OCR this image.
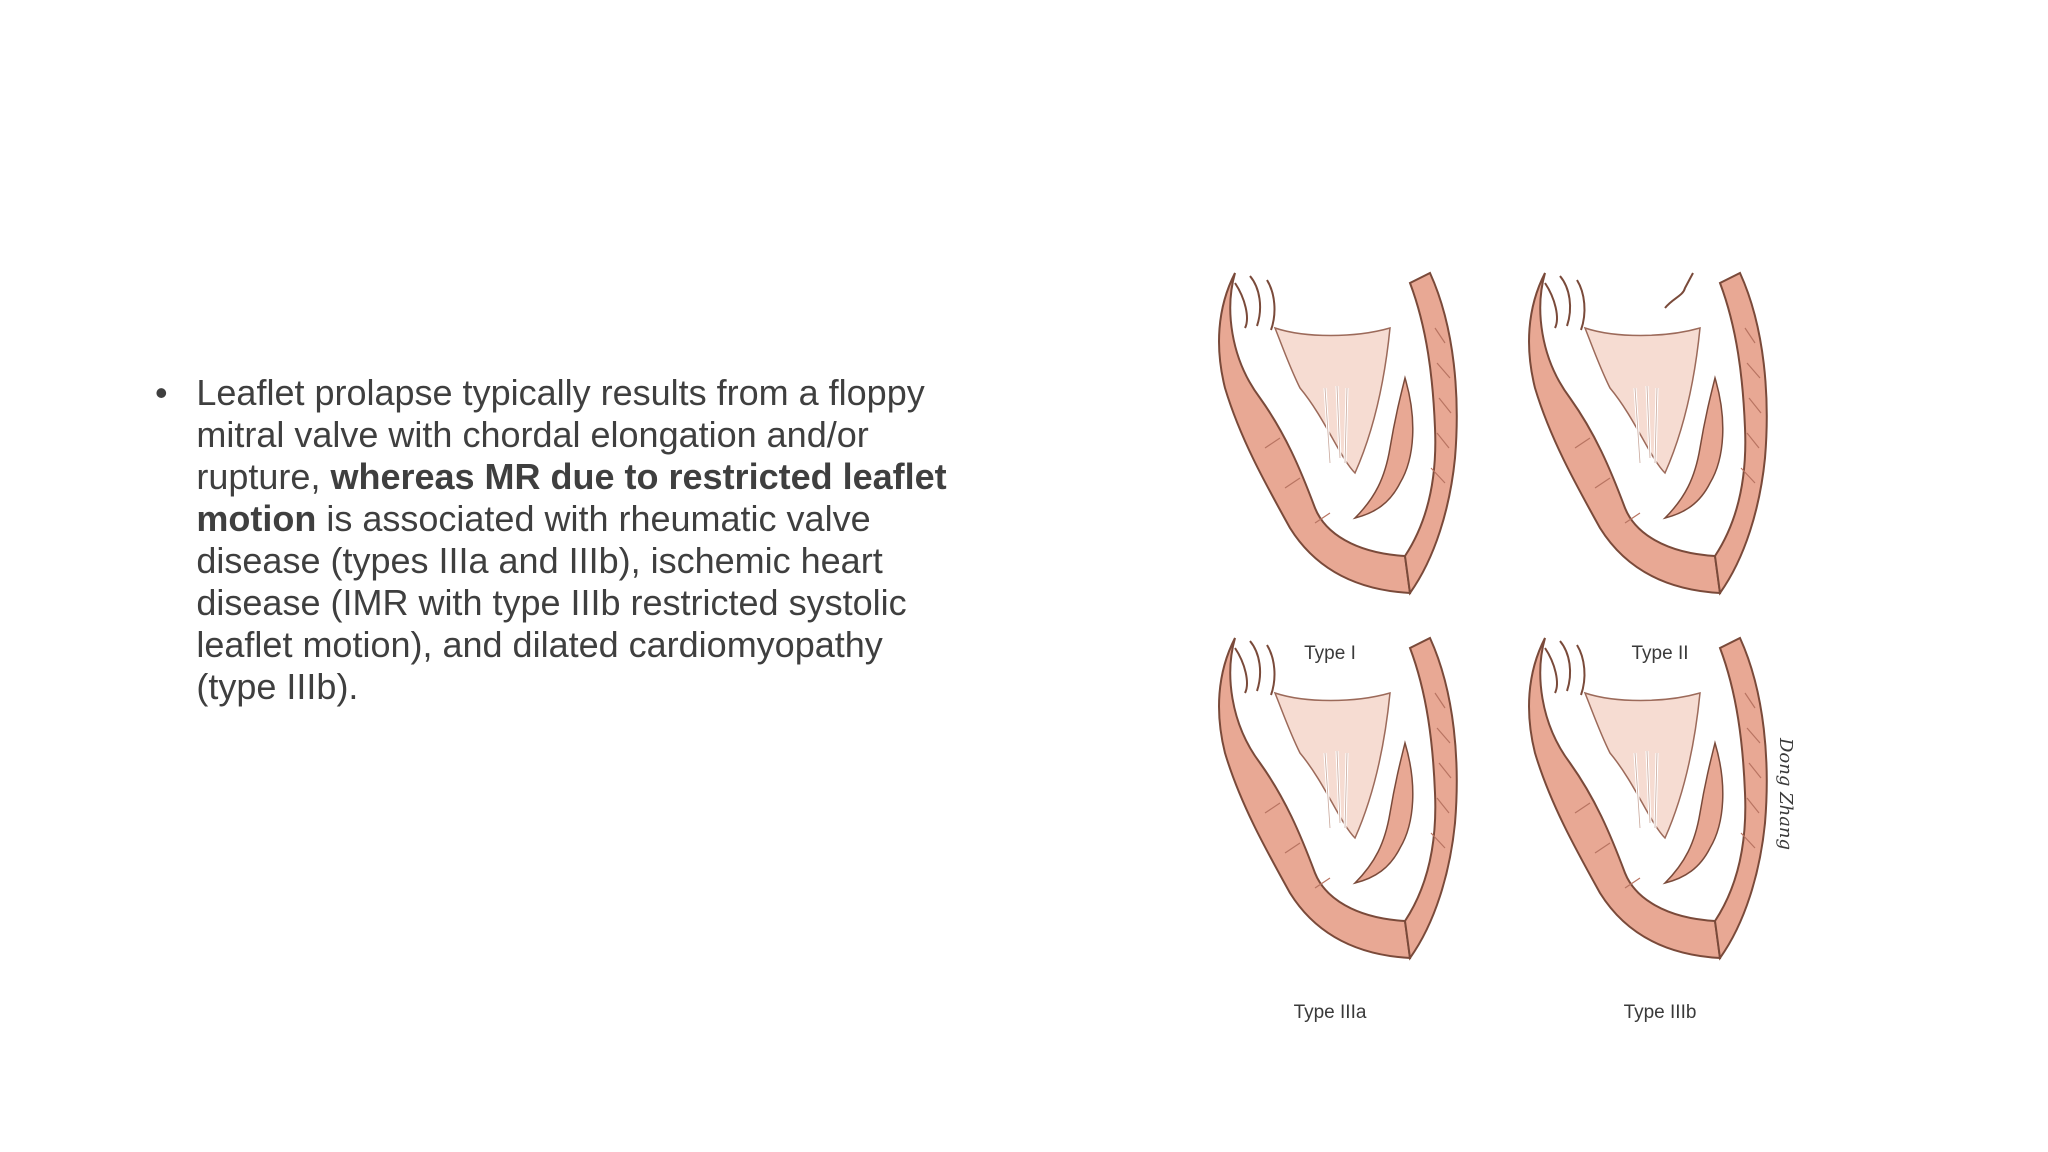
• Leaflet prolapse typically results from a floppy mitral valve with chordal elongation and/or rupture, whereas MR due to restricted leaflet motion is associated with rheumatic valve disease (types IIIa and IIIb), ischemic heart disease (IMR with type IIIb restricted systolic leaflet motion), and dilated cardiomyopathy (type IIIb).
Type I	Type II
Type IIIa	Type IIIb
Dong Zhang
